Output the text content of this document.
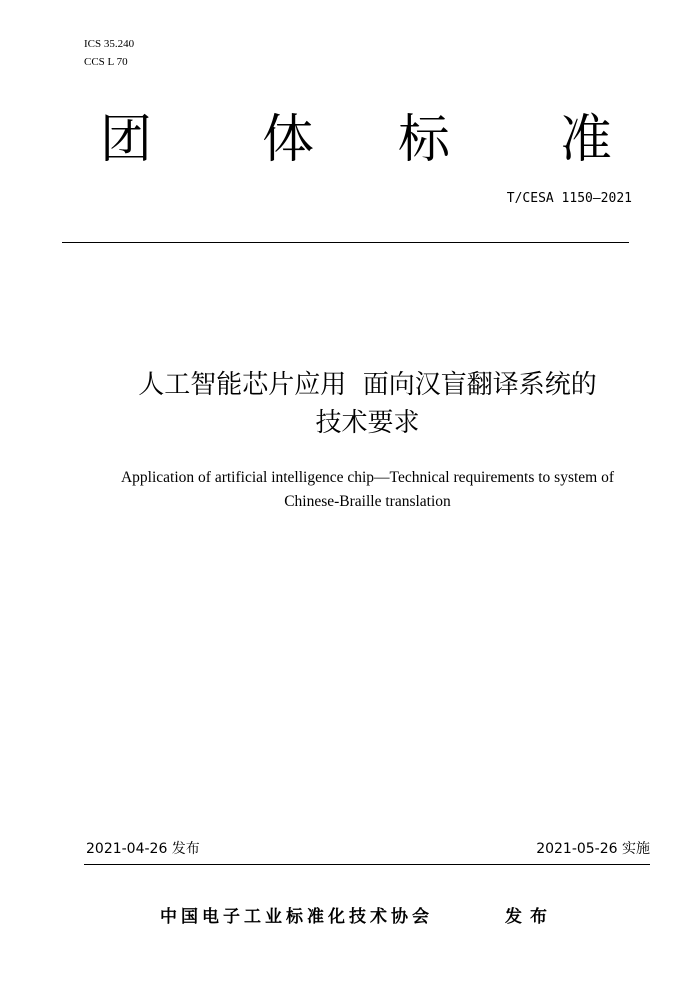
ICS 35.240
CCS L 70
团 体 标 准
T/CESA 1150—2021
人工智能芯片应用  面向汉盲翻译系统的
技术要求
Application of artificial intelligence chip—Technical requirements to system of
Chinese-Braille translation
2021-04-26 发布	2021-05-26 实施
中国电子工业标准化技术协会	发布
